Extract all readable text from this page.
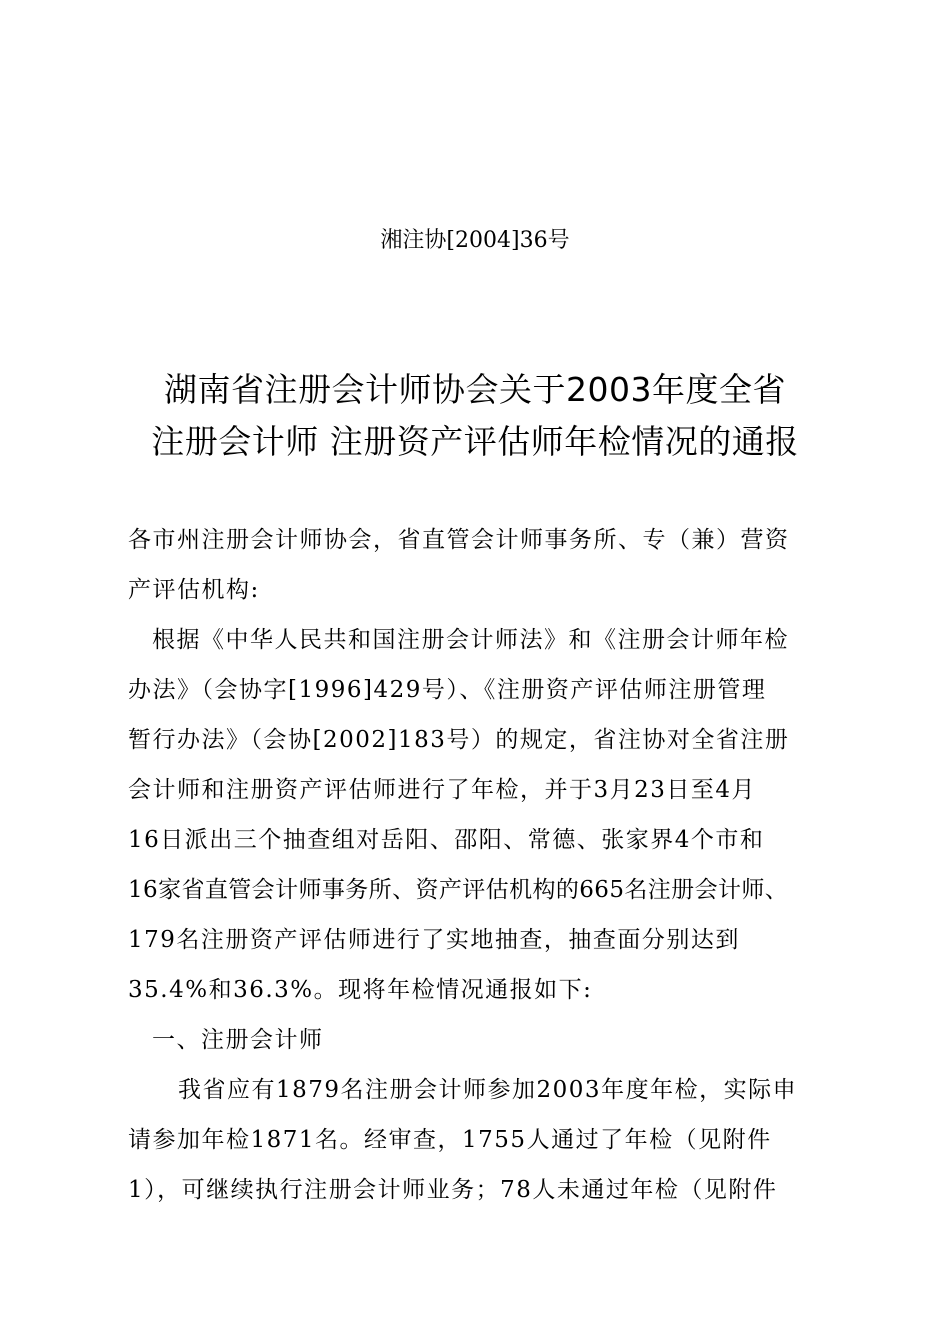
湘注协[2004]36号
湖南省注册会计师协会关于2003年度全省
注册会计师 注册资产评估师年检情况的通报
各市州注册会计师协会，省直管会计师事务所、专（兼）营资
产评估机构:
根据《中华人民共和国注册会计师法》和《注册会计师年检
办法》（会协字[1996]429号）、《注册资产评估师注册管理
暂行办法》（会协[2002]183号）的规定，省注协对全省注册
会计师和注册资产评估师进行了年检，并于3月23日至4月
16日派出三个抽查组对岳阳、邵阳、常德、张家界4个市和
16家省直管会计师事务所、资产评估机构的665名注册会计师、
179名注册资产评估师进行了实地抽查，抽查面分别达到
35.4%和36.3%。现将年检情况通报如下:
一、注册会计师
我省应有1879名注册会计师参加2003年度年检，实际申
请参加年检1871名。经审查，1755人通过了年检（见附件
1），可继续执行注册会计师业务；78人未通过年检（见附件
